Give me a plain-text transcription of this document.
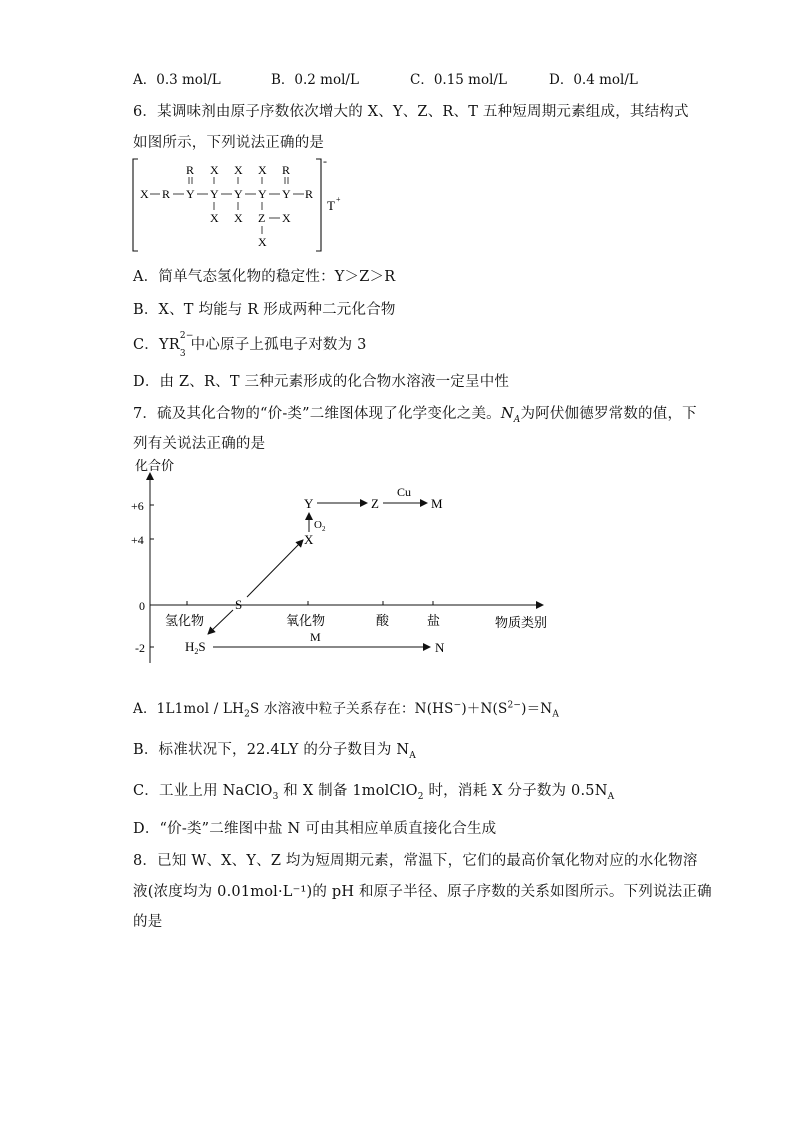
A．0.3 mol/L	B．0.2 mol/L	C．0.15 mol/L	D．0.4 mol/L
6．某调味剂由原子序数依次增大的 X、Y、Z、R、T 五种短周期元素组成，其结构式
如图所示，下列说法正确的是
-
T +
R X X X R
X R Y Y Y Y Y R
X X Z X
X
A．简单气态氢化物的稳定性：Y＞Z＞R
B．X、T 均能与 R 形成两种二元化合物
C．$YR_3$
2−
中心原子上孤电子对数为 3
D．由 Z、R、T 三种元素形成的化合物水溶液一定呈中性
7．硫及其化合物的“价-类”二维图体现了化学变化之美。$N_A$为阿伏伽德罗常数的值，下
列有关说法正确的是
化合价
+6
+4
0
-2
氢化物	氧化物	酸	盐	物质类别
S
X
Y	Z	M
$H_2S$	N
$O_2$
Cu
M
A．$1L1mol / LH_2S$ 水溶液中粒子关系存在：$N(HS^-)+N(S^{2-})=N_A$
B．标准状况下，22.4LY 的分子数目为 $N_A$
C．工业上用 NaClO$_3$ 和 X 制备 1molClO$_2$ 时，消耗 X 分子数为 $0.5N_A$
D．“价-类”二维图中盐 N 可由其相应单质直接化合生成
8．已知 W、X、Y、Z 均为短周期元素，常温下，它们的最高价氧化物对应的水化物溶
液(浓度均为 0.01mol·L⁻¹)的 pH 和原子半径、原子序数的关系如图所示。下列说法正确
的是
